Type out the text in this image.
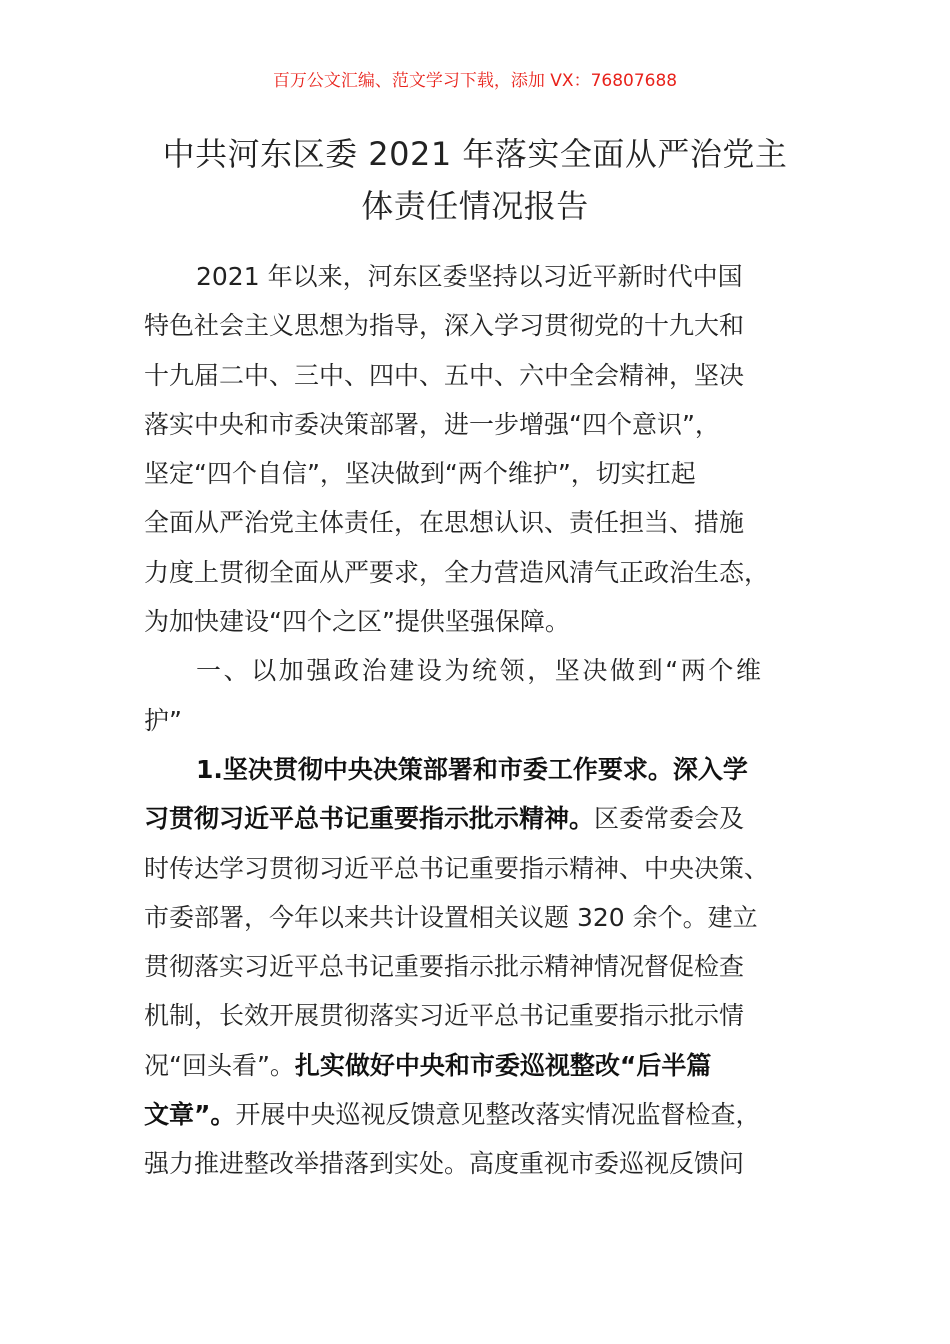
百万公文汇编、范文学习下载，添加 VX：76807688
中共河东区委 2021 年落实全面从严治党主
体责任情况报告
2021 年以来，河东区委坚持以习近平新时代中国
特色社会主义思想为指导，深入学习贯彻党的十九大和
十九届二中、三中、四中、五中、六中全会精神，坚决
落实中央和市委决策部署，进一步增强“四个意识”，
坚定“四个自信”，坚决做到“两个维护”，切实扛起
全面从严治党主体责任，在思想认识、责任担当、措施
力度上贯彻全面从严要求，全力营造风清气正政治生态，
为加快建设“四个之区”提供坚强保障。
一、以加强政治建设为统领，坚决做到“两个维
护”
1.坚决贯彻中央决策部署和市委工作要求。深入学
习贯彻习近平总书记重要指示批示精神。区委常委会及
时传达学习贯彻习近平总书记重要指示精神、中央决策、
市委部署，今年以来共计设置相关议题 320 余个。建立
贯彻落实习近平总书记重要指示批示精神情况督促检查
机制，长效开展贯彻落实习近平总书记重要指示批示情
况“回头看”。扎实做好中央和市委巡视整改“后半篇
文章”。开展中央巡视反馈意见整改落实情况监督检查，
强力推进整改举措落到实处。高度重视市委巡视反馈问
